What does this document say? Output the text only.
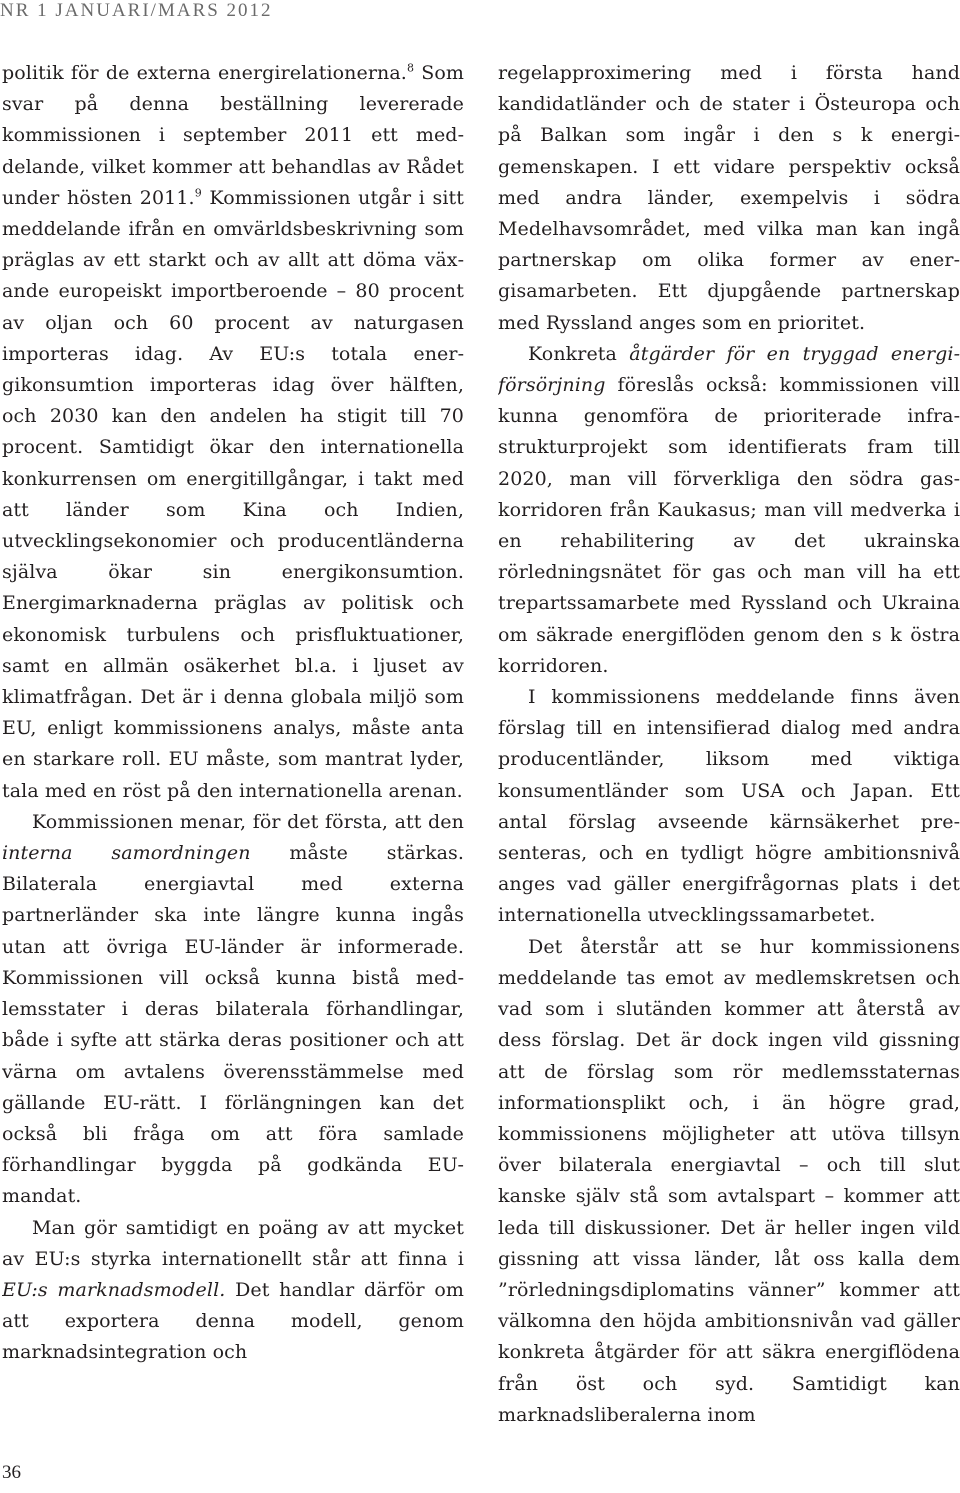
NR 1 JANUARI/MARS 2012

politik för de externa energirelationerna.$^8$ Som svar på denna beställning levererade kommissionen i september 2011 ett meddelande, vilket kommer att behandlas av Rådet under hösten 2011.$^9$ Kommissionen utgår i sitt meddelande ifrån en omvärldsbeskrivning som präglas av ett starkt och av allt att döma växande europeiskt importberoende – 80 procent av oljan och 60 procent av naturgasen importeras idag. Av EU:s totala energikonsumtion importeras idag över hälften, och 2030 kan den andelen ha stigit till 70 procent. Samtidigt ökar den internationella konkurrensen om energitillgångar, i takt med att länder som Kina och Indien, utvecklingsekonomier och producentländerna själva ökar sin energikonsumtion. Energimarknaderna präglas av politisk och ekonomisk turbulens och prisfluktuationer, samt en allmän osäkerhet bl.a. i ljuset av klimatfrågan. Det är i denna globala miljö som EU, enligt kommissionens analys, måste anta en starkare roll. EU måste, som mantrat lyder, tala med en röst på den internationella arenan.

Kommissionen menar, för det första, att den interna samordningen måste stärkas. Bilaterala energiavtal med externa partnerländer ska inte längre kunna ingås utan att övriga EU-länder är informerade. Kommissionen vill också kunna bistå medlemsstater i deras bilaterala förhandlingar, både i syfte att stärka deras positioner och att värna om avtalens överensstämmelse med gällande EU-rätt. I förlängningen kan det också bli fråga om att föra samlade förhandlingar byggda på godkända EU-mandat.

Man gör samtidigt en poäng av att mycket av EU:s styrka internationellt står att finna i EU:s marknadsmodell. Det handlar därför om att exportera denna modell, genom marknadsintegration och

regelapproximering med i första hand kandidatländer och de stater i Östeuropa och på Balkan som ingår i den s k energigemenskapen. I ett vidare perspektiv också med andra länder, exempelvis i södra Medelhavsområdet, med vilka man kan ingå partnerskap om olika former av energisamarbeten. Ett djupgående partnerskap med Ryssland anges som en prioritet.

Konkreta åtgärder för en tryggad energiförsörjning föreslås också: kommissionen vill kunna genomföra de prioriterade infrastrukturprojekt som identifierats fram till 2020, man vill förverkliga den södra gaskorridoren från Kaukasus; man vill medverka i en rehabilitering av det ukrainska rörledningsnätet för gas och man vill ha ett trepartssamarbete med Ryssland och Ukraina om säkrade energiflöden genom den s k östra korridoren.

I kommissionens meddelande finns även förslag till en intensifierad dialog med andra producentländer, liksom med viktiga konsumentländer som USA och Japan. Ett antal förslag avseende kärnsäkerhet presenteras, och en tydligt högre ambitionsnivå anges vad gäller energifrågornas plats i det internationella utvecklingssamarbetet.

Det återstår att se hur kommissionens meddelande tas emot av medlemskretsen och vad som i slutänden kommer att återstå av dess förslag. Det är dock ingen vild gissning att de förslag som rör medlemsstaternas informationsplikt och, i än högre grad, kommissionens möjligheter att utöva tillsyn över bilaterala energiavtal – och till slut kanske själv stå som avtalspart – kommer att leda till diskussioner. Det är heller ingen vild gissning att vissa länder, låt oss kalla dem ”rörledningsdiplomatins vänner” kommer att välkomna den höjda ambitionsnivån vad gäller konkreta åtgärder för att säkra energiflödena från öst och syd. Samtidigt kan marknadsliberalerna inom

36
